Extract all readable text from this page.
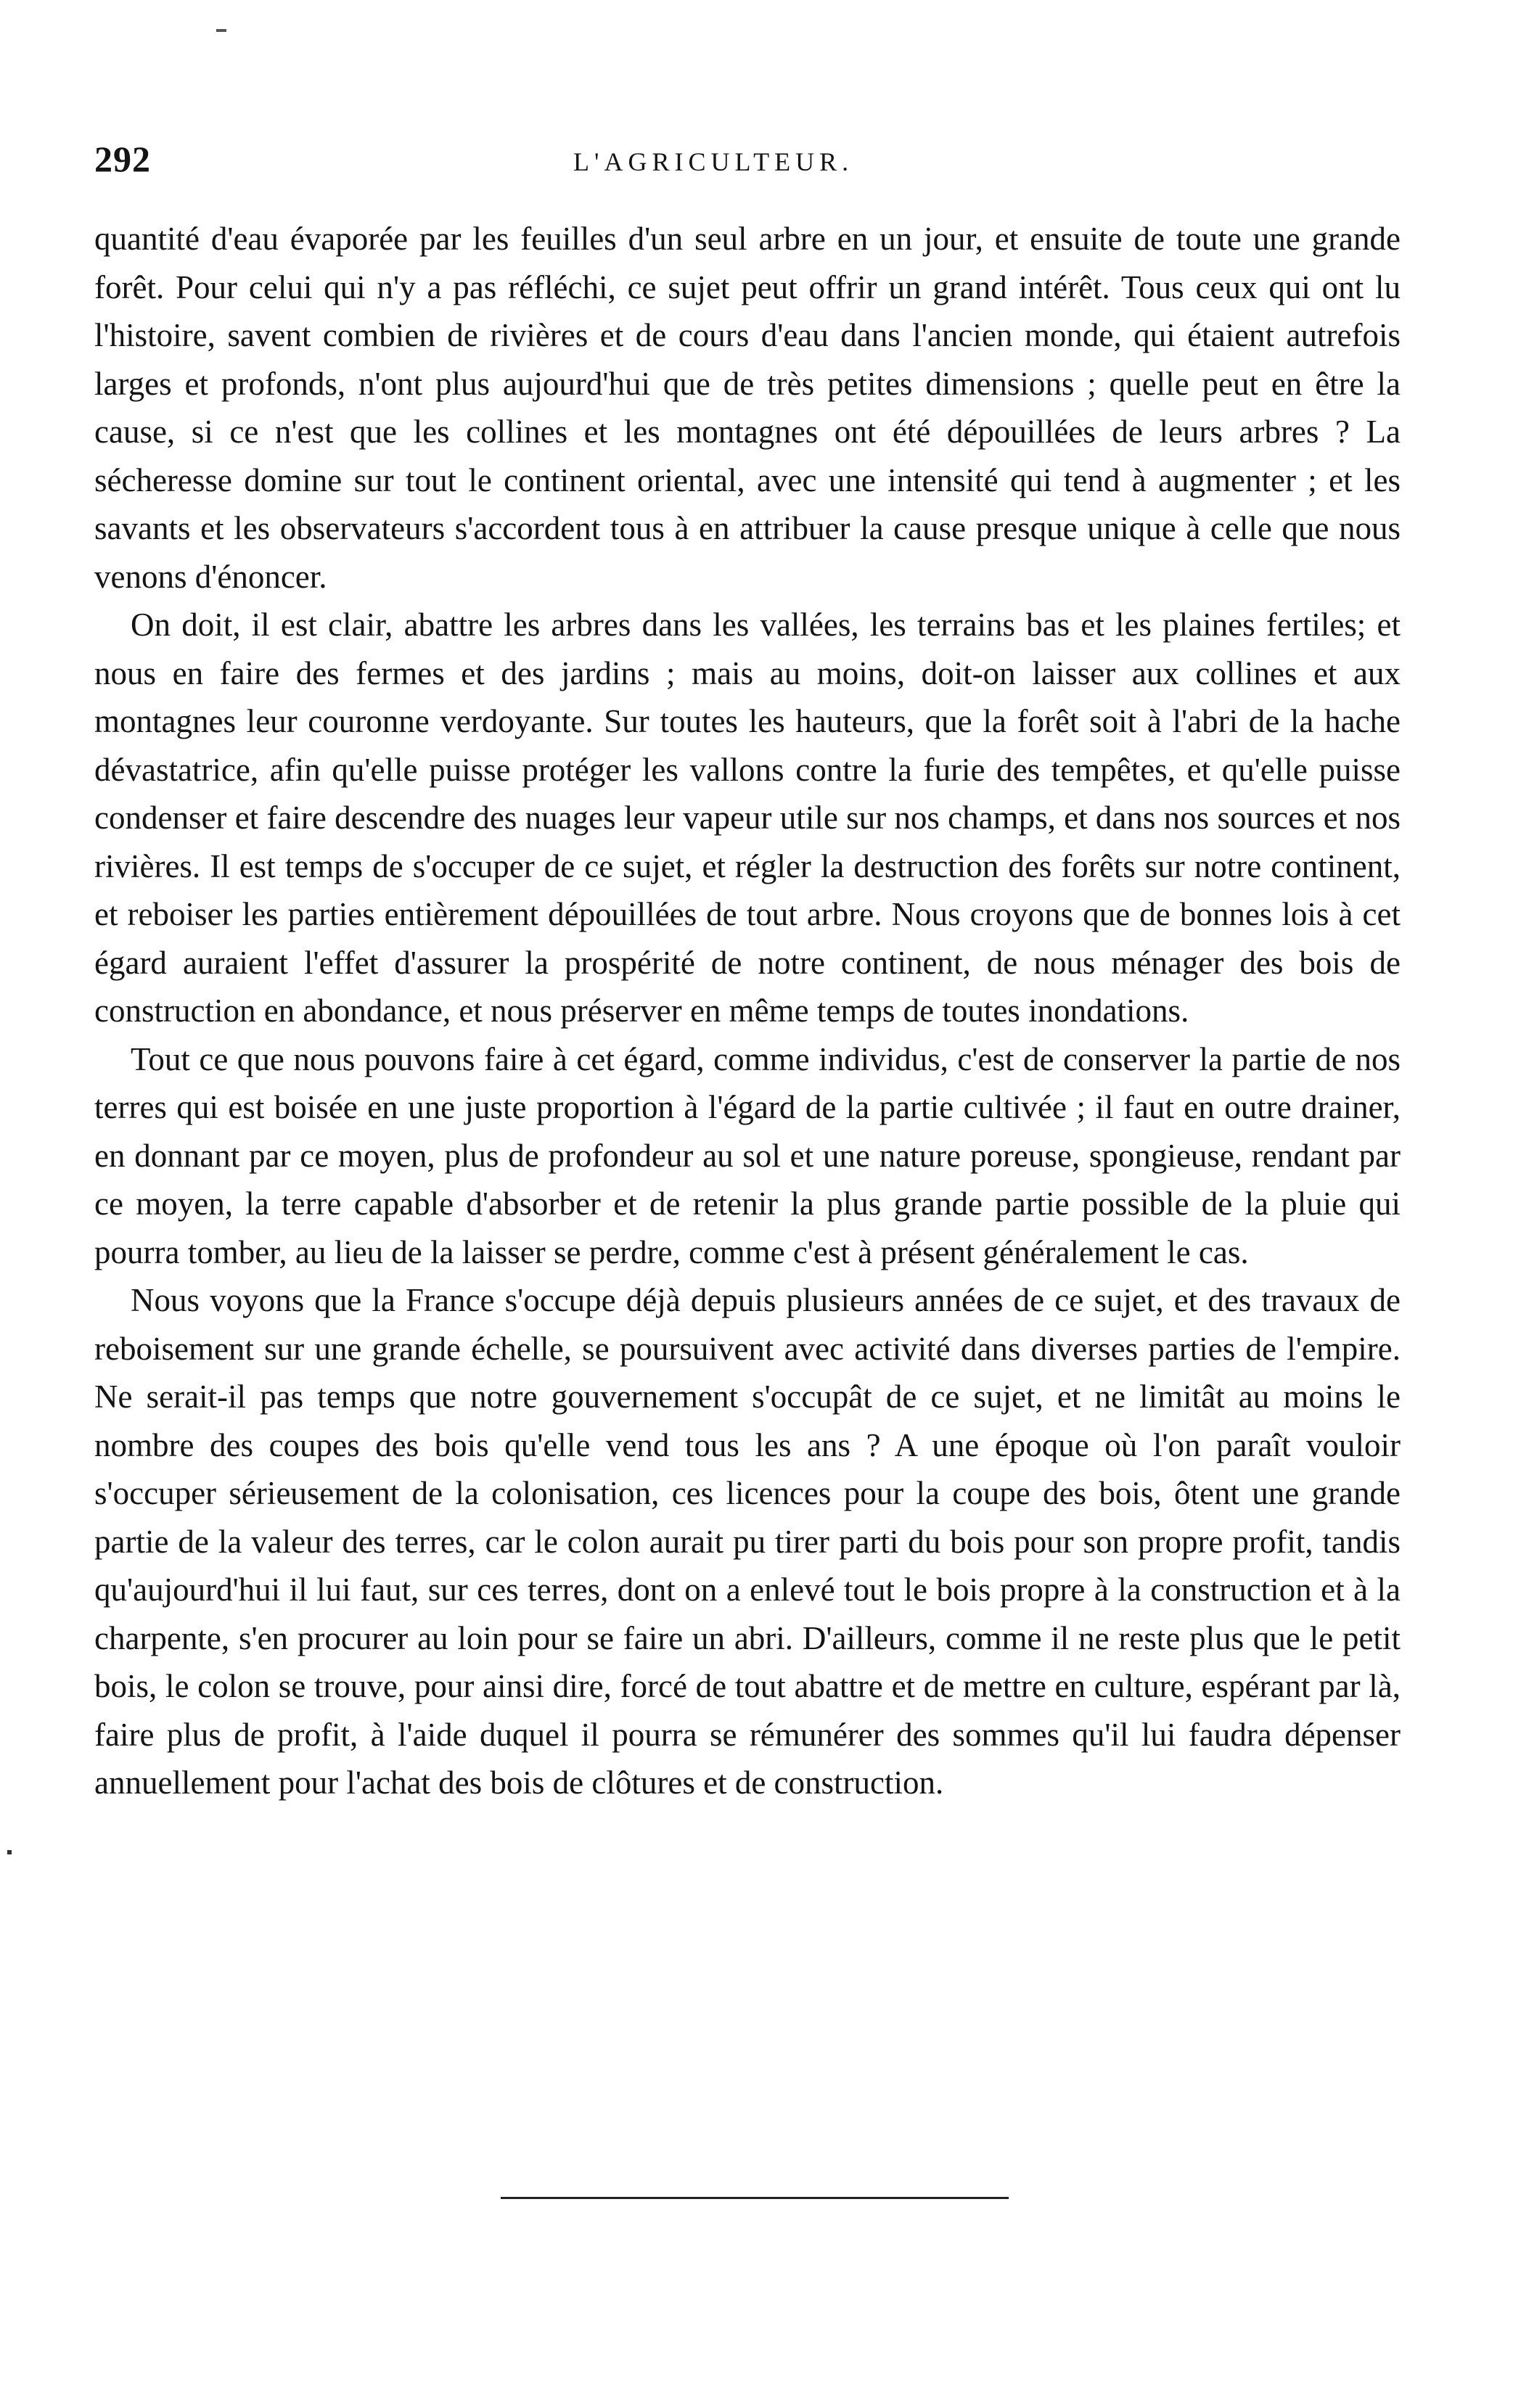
292	L'AGRICULTEUR.

quantité d'eau évaporée par les feuilles d'un seul arbre en un jour, et ensuite de toute une grande forêt. Pour celui qui n'y a pas réfléchi, ce sujet peut offrir un grand intérêt. Tous ceux qui ont lu l'histoire, savent combien de rivières et de cours d'eau dans l'ancien monde, qui étaient autrefois larges et profonds, n'ont plus aujourd'hui que de très petites dimensions ; quelle peut en être la cause, si ce n'est que les collines et les montagnes ont été dépouillées de leurs arbres ? La sécheresse domine sur tout le continent oriental, avec une intensité qui tend à augmenter ; et les savants et les observateurs s'accordent tous à en attribuer la cause presque unique à celle que nous venons d'énoncer.

On doit, il est clair, abattre les arbres dans les vallées, les terrains bas et les plaines fertiles; et nous en faire des fermes et des jardins ; mais au moins, doit-on laisser aux collines et aux montagnes leur couronne verdoyante. Sur toutes les hauteurs, que la forêt soit à l'abri de la hache dévastatrice, afin qu'elle puisse protéger les vallons contre la furie des tempêtes, et qu'elle puisse condenser et faire descendre des nuages leur vapeur utile sur nos champs, et dans nos sources et nos rivières. Il est temps de s'occuper de ce sujet, et régler la destruction des forêts sur notre continent, et reboiser les parties entièrement dépouillées de tout arbre. Nous croyons que de bonnes lois à cet égard auraient l'effet d'assurer la prospérité de notre continent, de nous ménager des bois de construction en abondance, et nous préserver en même temps de toutes inondations.

Tout ce que nous pouvons faire à cet égard, comme individus, c'est de conserver la partie de nos terres qui est boisée en une juste proportion à l'égard de la partie cultivée ; il faut en outre drainer, en donnant par ce moyen, plus de profondeur au sol et une nature poreuse, spongieuse, rendant par ce moyen, la terre capable d'absorber et de retenir la plus grande partie possible de la pluie qui pourra tomber, au lieu de la laisser se perdre, comme c'est à présent généralement le cas.

Nous voyons que la France s'occupe déjà depuis plusieurs années de ce sujet, et des travaux de reboisement sur une grande échelle, se poursuivent avec activité dans diverses parties de l'empire. Ne serait-il pas temps que notre gouvernement s'occupât de ce sujet, et ne limitât au moins le nombre des coupes des bois qu'elle vend tous les ans ? A une époque où l'on paraît vouloir s'occuper sérieusement de la colonisation, ces licences pour la coupe des bois, ôtent une grande partie de la valeur des terres, car le colon aurait pu tirer parti du bois pour son propre profit, tandis qu'aujourd'hui il lui faut, sur ces terres, dont on a enlevé tout le bois propre à la construction et à la charpente, s'en procurer au loin pour se faire un abri. D'ailleurs, comme il ne reste plus que le petit bois, le colon se trouve, pour ainsi dire, forcé de tout abattre et de mettre en culture, espérant par là, faire plus de profit, à l'aide duquel il pourra se rémunérer des sommes qu'il lui faudra dépenser annuellement pour l'achat des bois de clôtures et de construction.
